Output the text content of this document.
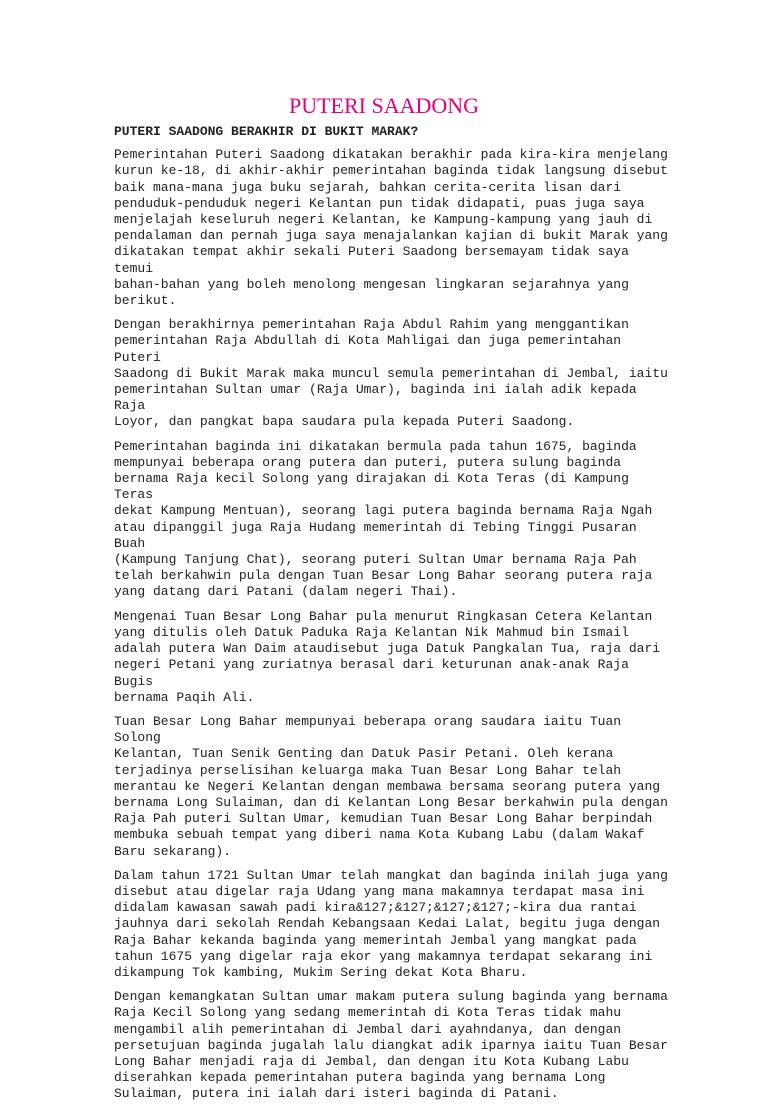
PUTERI SAADONG
PUTERI SAADONG BERAKHIR DI BUKIT MARAK?

Pemerintahan Puteri Saadong dikatakan berakhir pada kira-kira menjelang
kurun ke-18, di akhir-akhir pemerintahan baginda tidak langsung disebut
baik mana-mana juga buku sejarah, bahkan cerita-cerita lisan dari
penduduk-penduduk negeri Kelantan pun tidak didapati, puas juga saya
menjelajah keseluruh negeri Kelantan, ke Kampung-kampung yang jauh di
pendalaman dan pernah juga saya menajalankan kajian di bukit Marak yang
dikatakan tempat akhir sekali Puteri Saadong bersemayam tidak saya temui
bahan-bahan yang boleh menolong mengesan lingkaran sejarahnya yang
berikut.

Dengan berakhirnya pemerintahan Raja Abdul Rahim yang menggantikan
pemerintahan Raja Abdullah di Kota Mahligai dan juga pemerintahan Puteri
Saadong di Bukit Marak maka muncul semula pemerintahan di Jembal, iaitu
pemerintahan Sultan umar (Raja Umar), baginda ini ialah adik kepada Raja
Loyor, dan pangkat bapa saudara pula kepada Puteri Saadong.

Pemerintahan baginda ini dikatakan bermula pada tahun 1675, baginda
mempunyai beberapa orang putera dan puteri, putera sulung baginda
bernama Raja kecil Solong yang dirajakan di Kota Teras (di Kampung Teras
dekat Kampung Mentuan), seorang lagi putera baginda bernama Raja Ngah
atau dipanggil juga Raja Hudang memerintah di Tebing Tinggi Pusaran Buah
(Kampung Tanjung Chat), seorang puteri Sultan Umar bernama Raja Pah
telah berkahwin pula dengan Tuan Besar Long Bahar seorang putera raja
yang datang dari Patani (dalam negeri Thai).

Mengenai Tuan Besar Long Bahar pula menurut Ringkasan Cetera Kelantan
yang ditulis oleh Datuk Paduka Raja Kelantan Nik Mahmud bin Ismail
adalah putera Wan Daim ataudisebut juga Datuk Pangkalan Tua, raja dari
negeri Petani yang zuriatnya berasal dari keturunan anak-anak Raja Bugis
bernama Paqih Ali.

Tuan Besar Long Bahar mempunyai beberapa orang saudara iaitu Tuan Solong
Kelantan, Tuan Senik Genting dan Datuk Pasir Petani. Oleh kerana
terjadinya perselisihan keluarga maka Tuan Besar Long Bahar telah
merantau ke Negeri Kelantan dengan membawa bersama seorang putera yang
bernama Long Sulaiman, dan di Kelantan Long Besar berkahwin pula dengan
Raja Pah puteri Sultan Umar, kemudian Tuan Besar Long Bahar berpindah
membuka sebuah tempat yang diberi nama Kota Kubang Labu (dalam Wakaf
Baru sekarang).

Dalam tahun 1721 Sultan Umar telah mangkat dan baginda inilah juga yang
disebut atau digelar raja Udang yang mana makamnya terdapat masa ini
didalam kawasan sawah padi kira&127;&127;&127;&127;-kira dua rantai
jauhnya dari sekolah Rendah Kebangsaan Kedai Lalat, begitu juga dengan
Raja Bahar kekanda baginda yang memerintah Jembal yang mangkat pada
tahun 1675 yang digelar raja ekor yang makamnya terdapat sekarang ini
dikampung Tok kambing, Mukim Sering dekat Kota Bharu.

Dengan kemangkatan Sultan umar makam putera sulung baginda yang bernama
Raja Kecil Solong yang sedang memerintah di Kota Teras tidak mahu
mengambil alih pemerintahan di Jembal dari ayahndanya, dan dengan
persetujuan baginda jugalah lalu diangkat adik iparnya iaitu Tuan Besar
Long Bahar menjadi raja di Jembal, dan dengan itu Kota Kubang Labu
diserahkan kepada pemerintahan putera baginda yang bernama Long
Sulaiman, putera ini ialah dari isteri baginda di Patani.
